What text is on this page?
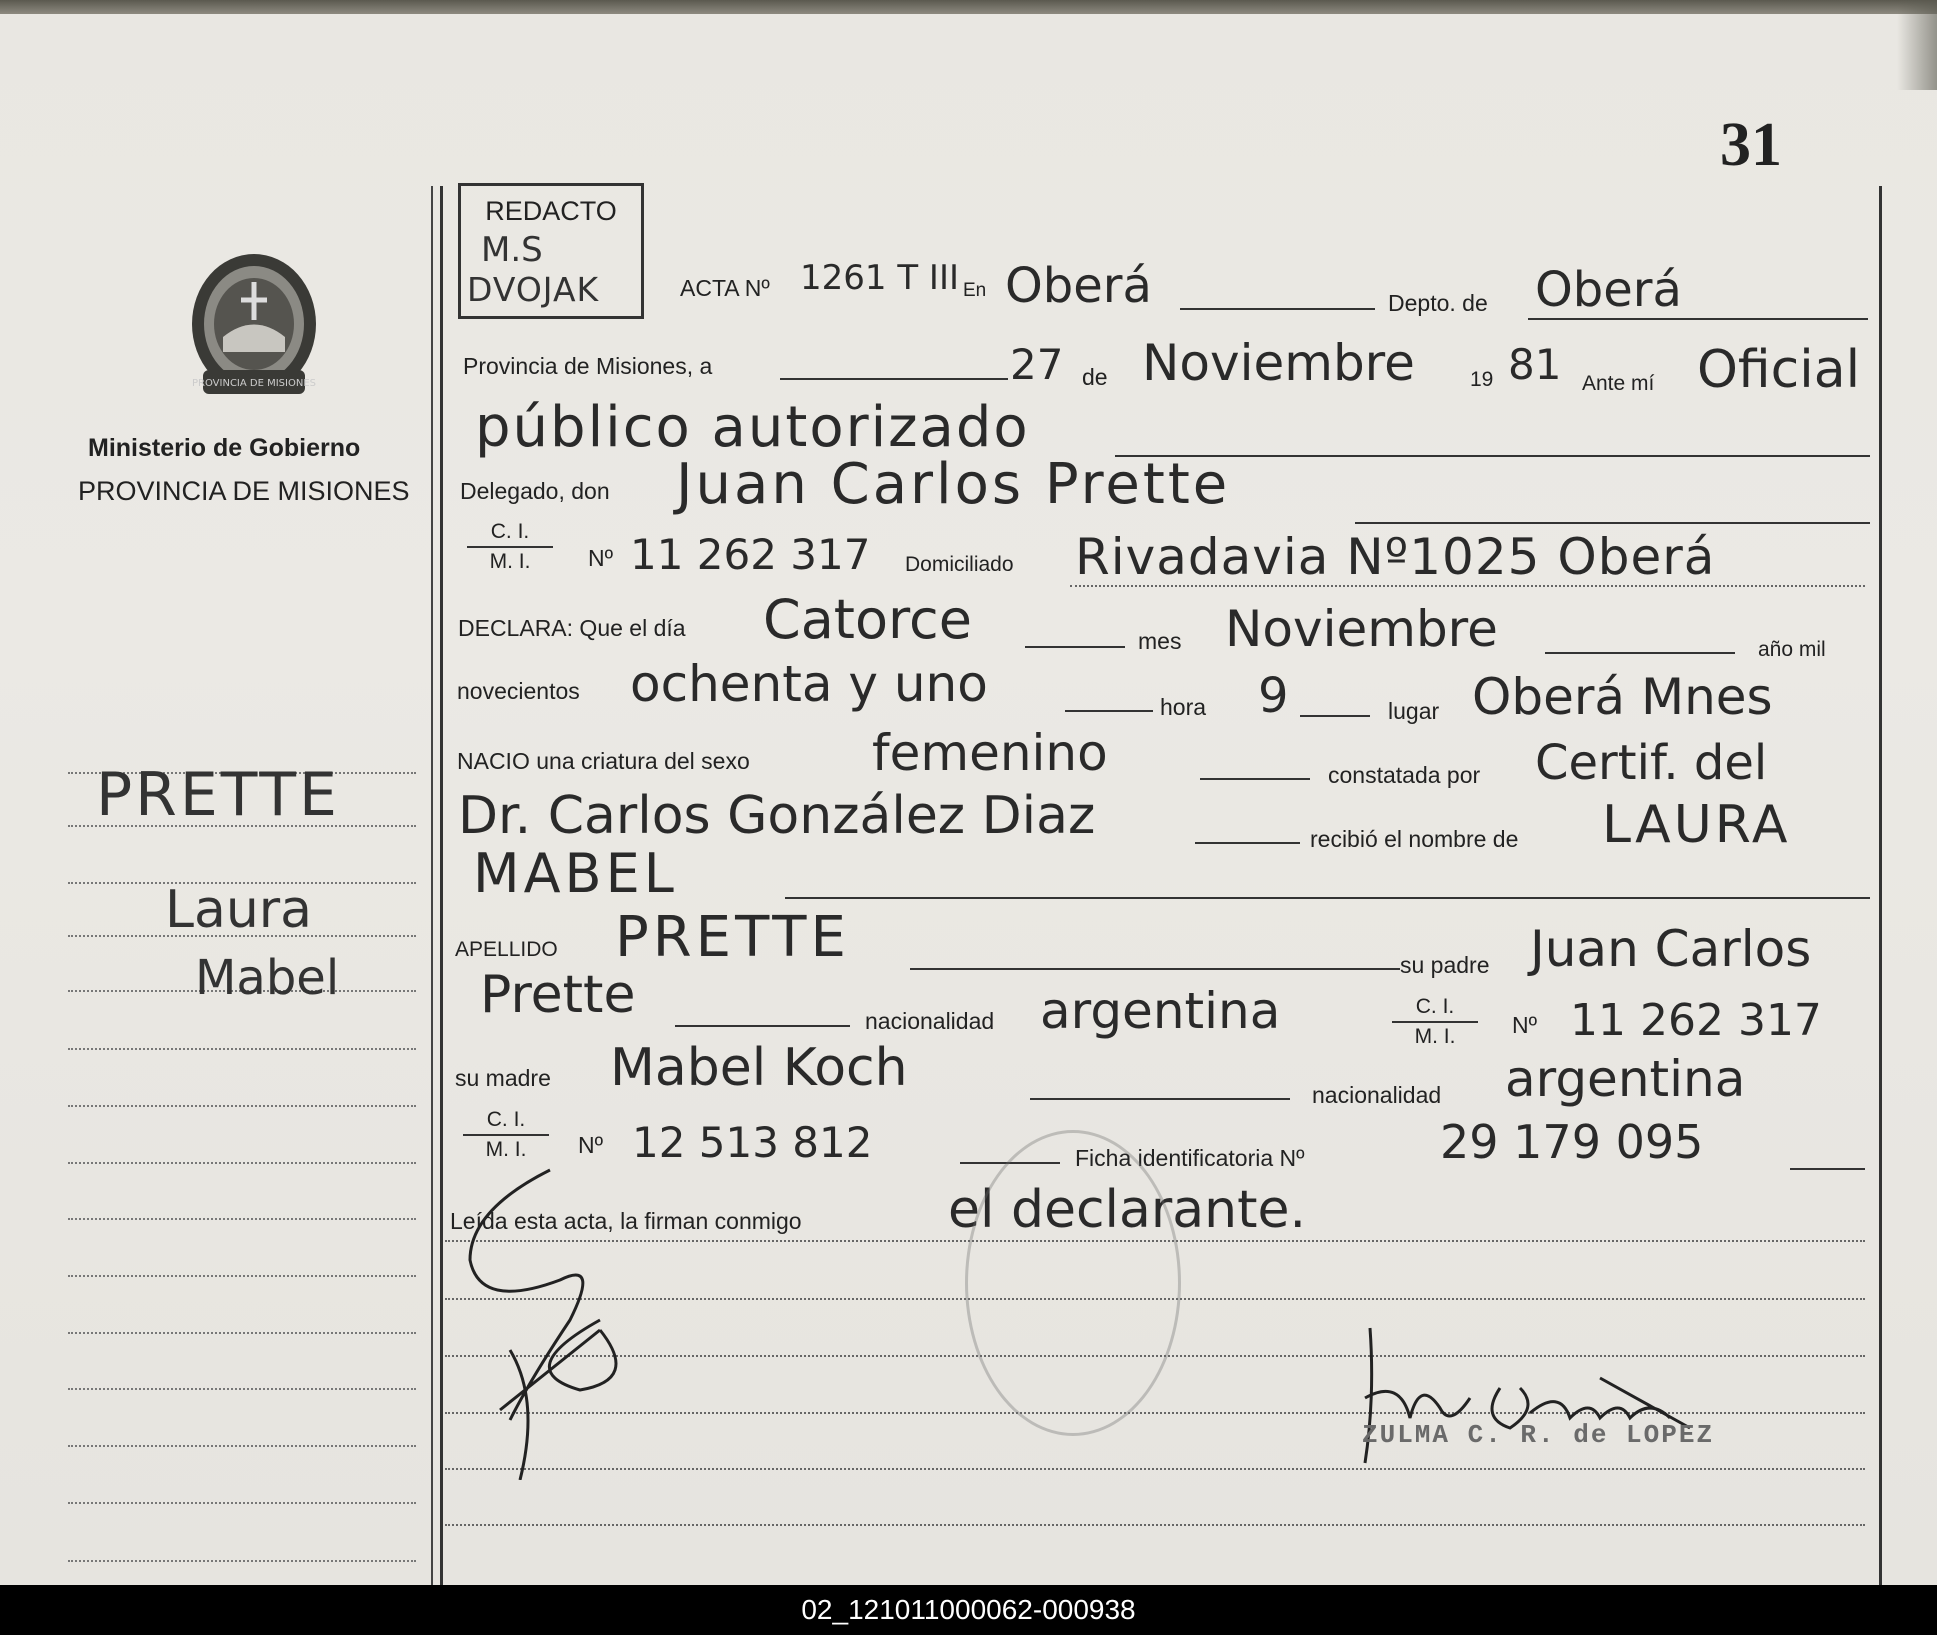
31
REDACTO
M.S
DVOJAK
PROVINCIA DE MISIONES
Ministerio de Gobierno
PROVINCIA DE MISIONES
PRETTE
Laura
Mabel
ACTA Nº 1261 T III En Oberá	Depto. de Oberá
Provincia de Misiones, a	27 de Noviembre	19 81 Ante mí Oficial
público autorizado
Delegado, don Juan Carlos Prette
C. I.
M. I.	Nº 11 262 317 Domiciliado Rivadavia Nº1025 Oberá
DECLARA: Que el día Catorce	mes Noviembre	año mil
novecientos ochenta y uno	hora 9	lugar Oberá Mnes
NACIO una criatura del sexo femenino	constatada por Certif. del
Dr. Carlos González Diaz	recibió el nombre de LAURA
MABEL
APELLIDO PRETTE	su padre Juan Carlos
Prette	nacionalidad argentina	C. I.
M. I.	Nº 11 262 317
su madre Mabel Koch	nacionalidad argentina
C. I.
M. I.	Nº 12 513 812	Ficha identificatoria Nº	29 179 095
Leída esta acta, la firman conmigo	el declarante.
ZULMA C. R. de LOPEZ
02_121011000062-000938
